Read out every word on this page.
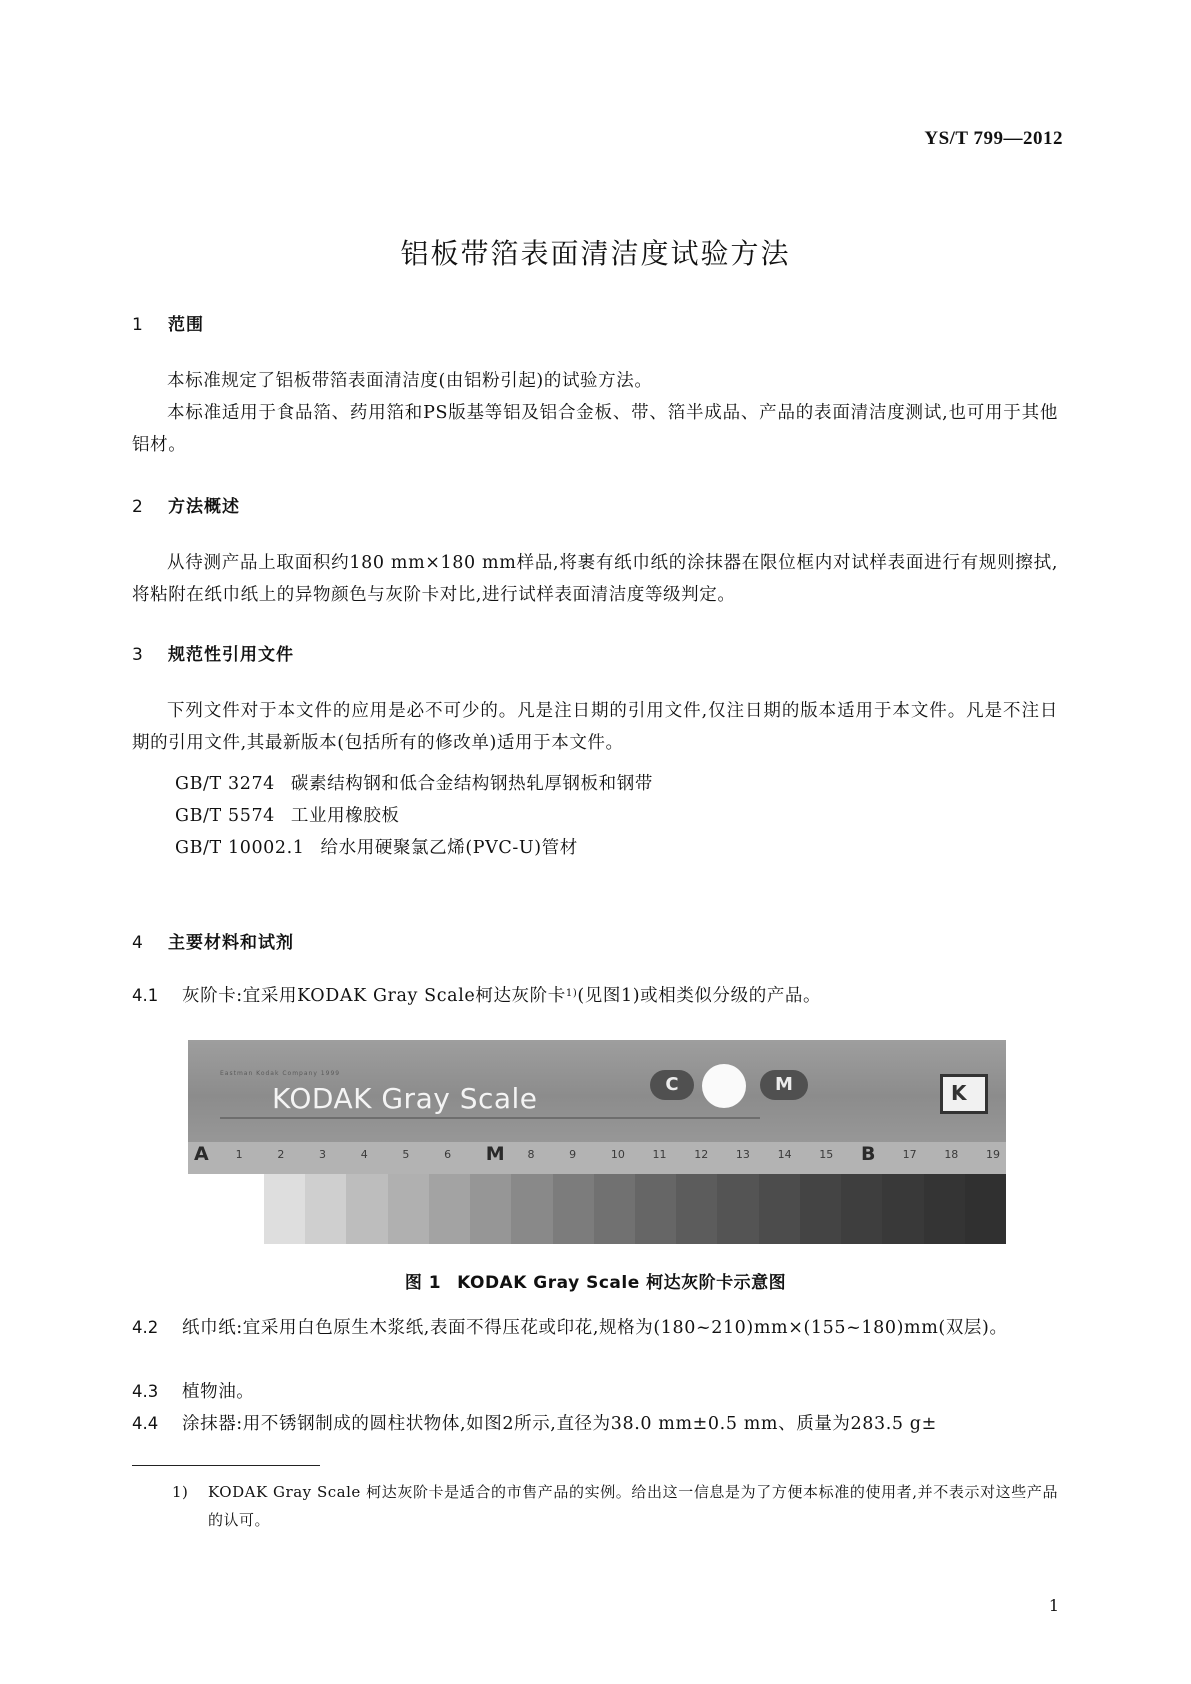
YS/T 799—2012
铝板带箔表面清洁度试验方法
1 范围

本标准规定了铝板带箔表面清洁度(由铝粉引起)的试验方法。

本标准适用于食品箔、药用箔和PS版基等铝及铝合金板、带、箔半成品、产品的表面清洁度测试,也可用于其他铝材。

2 方法概述

从待测产品上取面积约180 mm×180 mm样品,将裹有纸巾纸的涂抹器在限位框内对试样表面进行有规则擦拭,将粘附在纸巾纸上的异物颜色与灰阶卡对比,进行试样表面清洁度等级判定。

3 规范性引用文件

下列文件对于本文件的应用是必不可少的。凡是注日期的引用文件,仅注日期的版本适用于本文件。凡是不注日期的引用文件,其最新版本(包括所有的修改单)适用于本文件。

GB/T 3274 碳素结构钢和低合金结构钢热轧厚钢板和钢带
GB/T 5574 工业用橡胶板
GB/T 10002.1 给水用硬聚氯乙烯(PVC-U)管材
4 主要材料和试剂

4.1 灰阶卡:宜采用KODAK Gray Scale柯达灰阶卡$^{1)}$(见图1)或相类似分级的产品。

Eastman Kodak Company 1999
KODAK Gray Scale	C	M	K
A 1	2	3	4	5	6 M 8	9	10	11	12	13	14	15 B 17	18	19
图 1 KODAK Gray Scale 柯达灰阶卡示意图

4.2 纸巾纸:宜采用白色原生木浆纸,表面不得压花或印花,规格为(180~210)mm×(155~180)mm(双层)。

4.3 植物油。

4.4 涂抹器:用不锈钢制成的圆柱状物体,如图2所示,直径为38.0 mm±0.5 mm、质量为283.5 g±

1) KODAK Gray Scale 柯达灰阶卡是适合的市售产品的实例。给出这一信息是为了方便本标准的使用者,并不表示对这些产品的认可。

1
